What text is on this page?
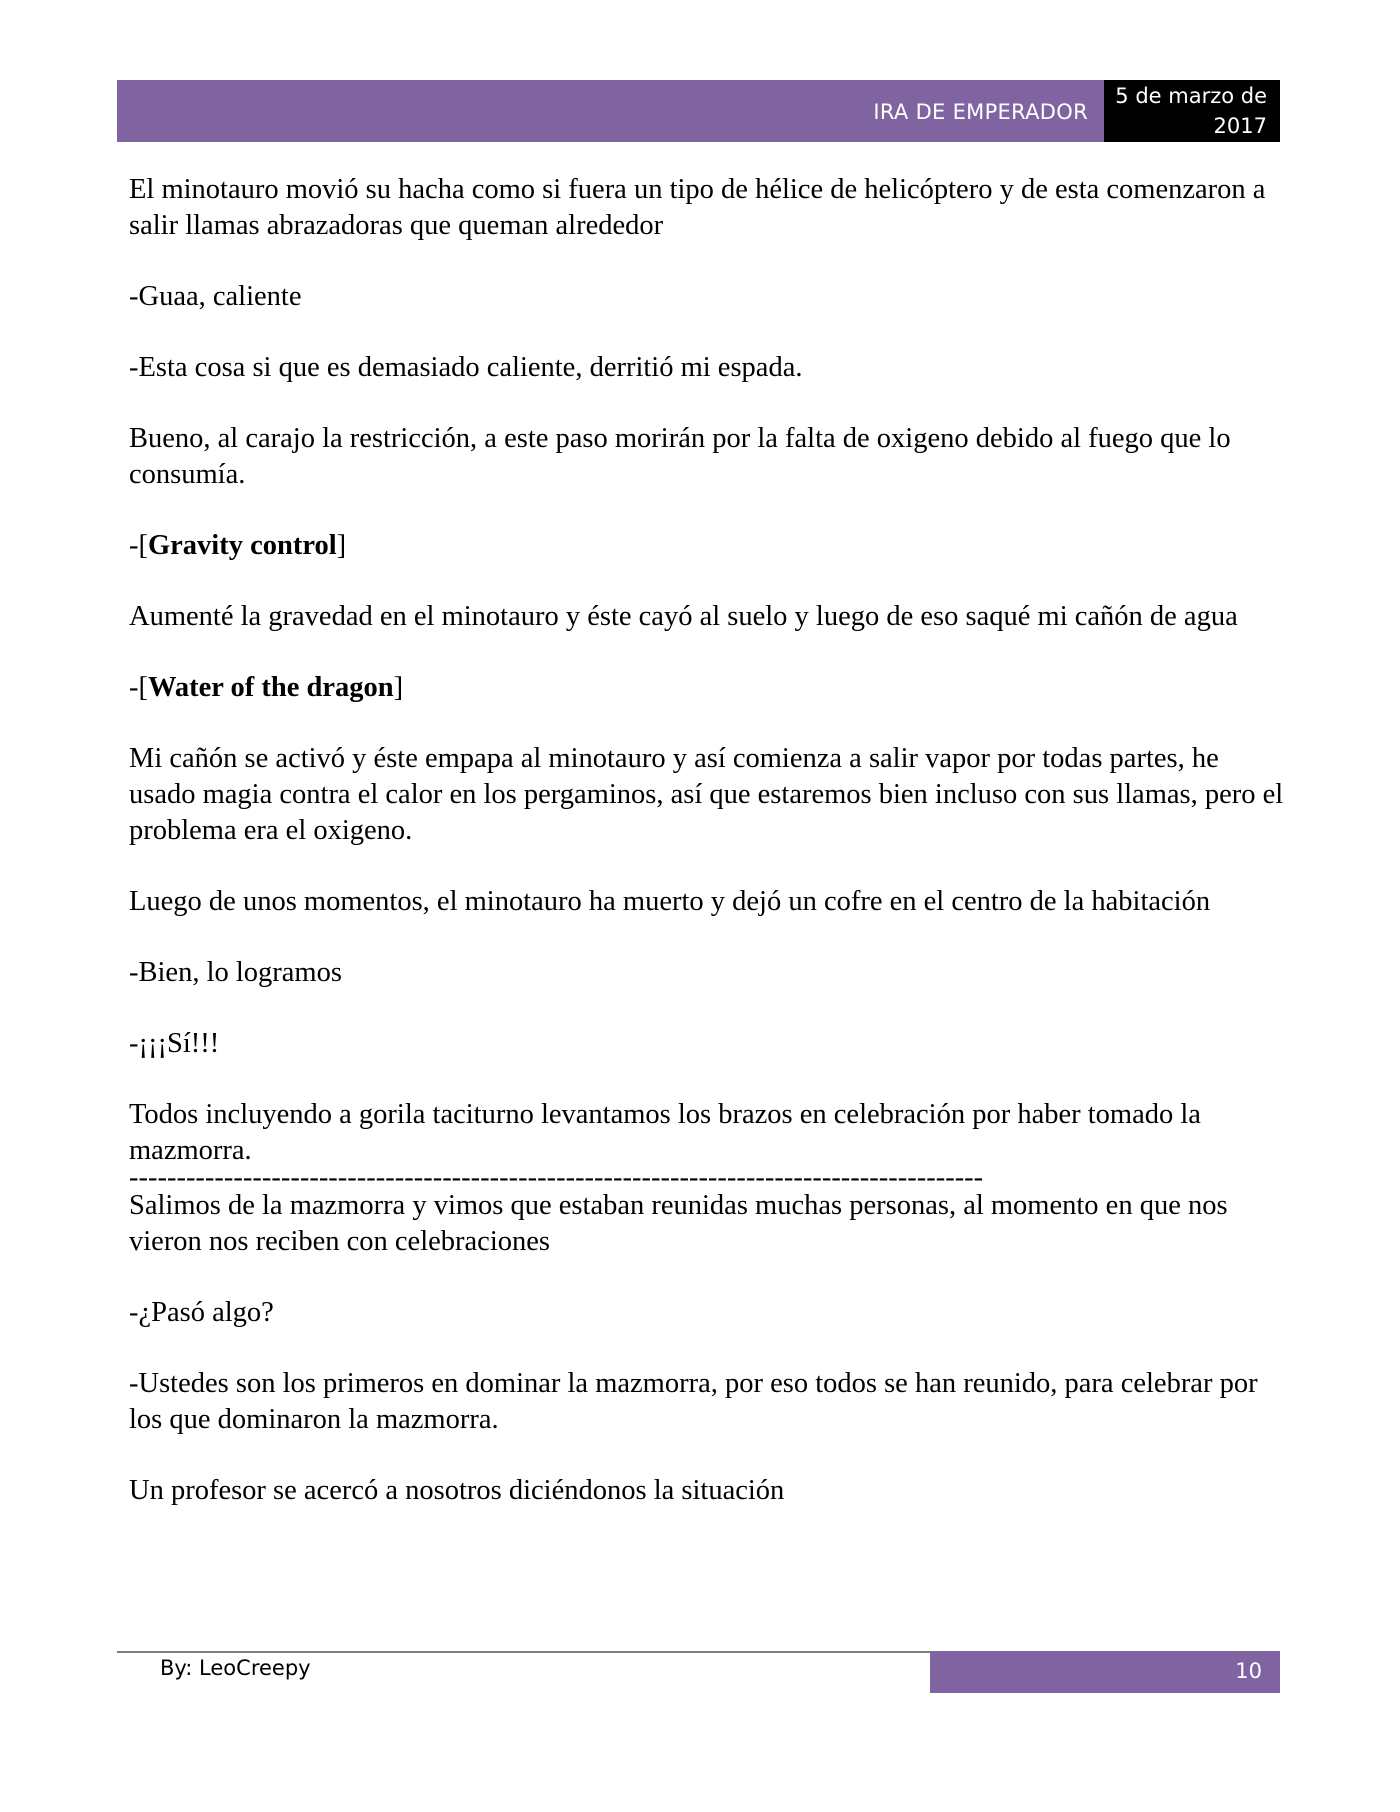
IRA DE EMPERADOR
5 de marzo de
2017

El minotauro movió su hacha como si fuera un tipo de hélice de helicóptero y de esta comenzaron a salir llamas abrazadoras que queman alrededor

-Guaa, caliente

-Esta cosa si que es demasiado caliente, derritió mi espada.

Bueno, al carajo la restricción, a este paso morirán por la falta de oxigeno debido al fuego que lo consumía.

-[Gravity control]

Aumenté la gravedad en el minotauro y éste cayó al suelo y luego de eso saqué mi cañón de agua

-[Water of the dragon]

Mi cañón se activó y éste empapa al minotauro y así comienza a salir vapor por todas partes, he usado magia contra el calor en los pergaminos, así que estaremos bien incluso con sus llamas, pero el problema era el oxigeno.

Luego de unos momentos, el minotauro ha muerto y dejó un cofre en el centro de la habitación

-Bien, lo logramos

-¡¡¡Sí!!!

Todos incluyendo a gorila taciturno levantamos los brazos en celebración por haber tomado la mazmorra.

------------------------------------------------------------------------------------------

Salimos de la mazmorra y vimos que estaban reunidas muchas personas, al momento en que nos vieron nos reciben con celebraciones

-¿Pasó algo?

-Ustedes son los primeros en dominar la mazmorra, por eso todos se han reunido, para celebrar por los que dominaron la mazmorra.

Un profesor se acercó a nosotros diciéndonos la situación

By: LeoCreepy	10
